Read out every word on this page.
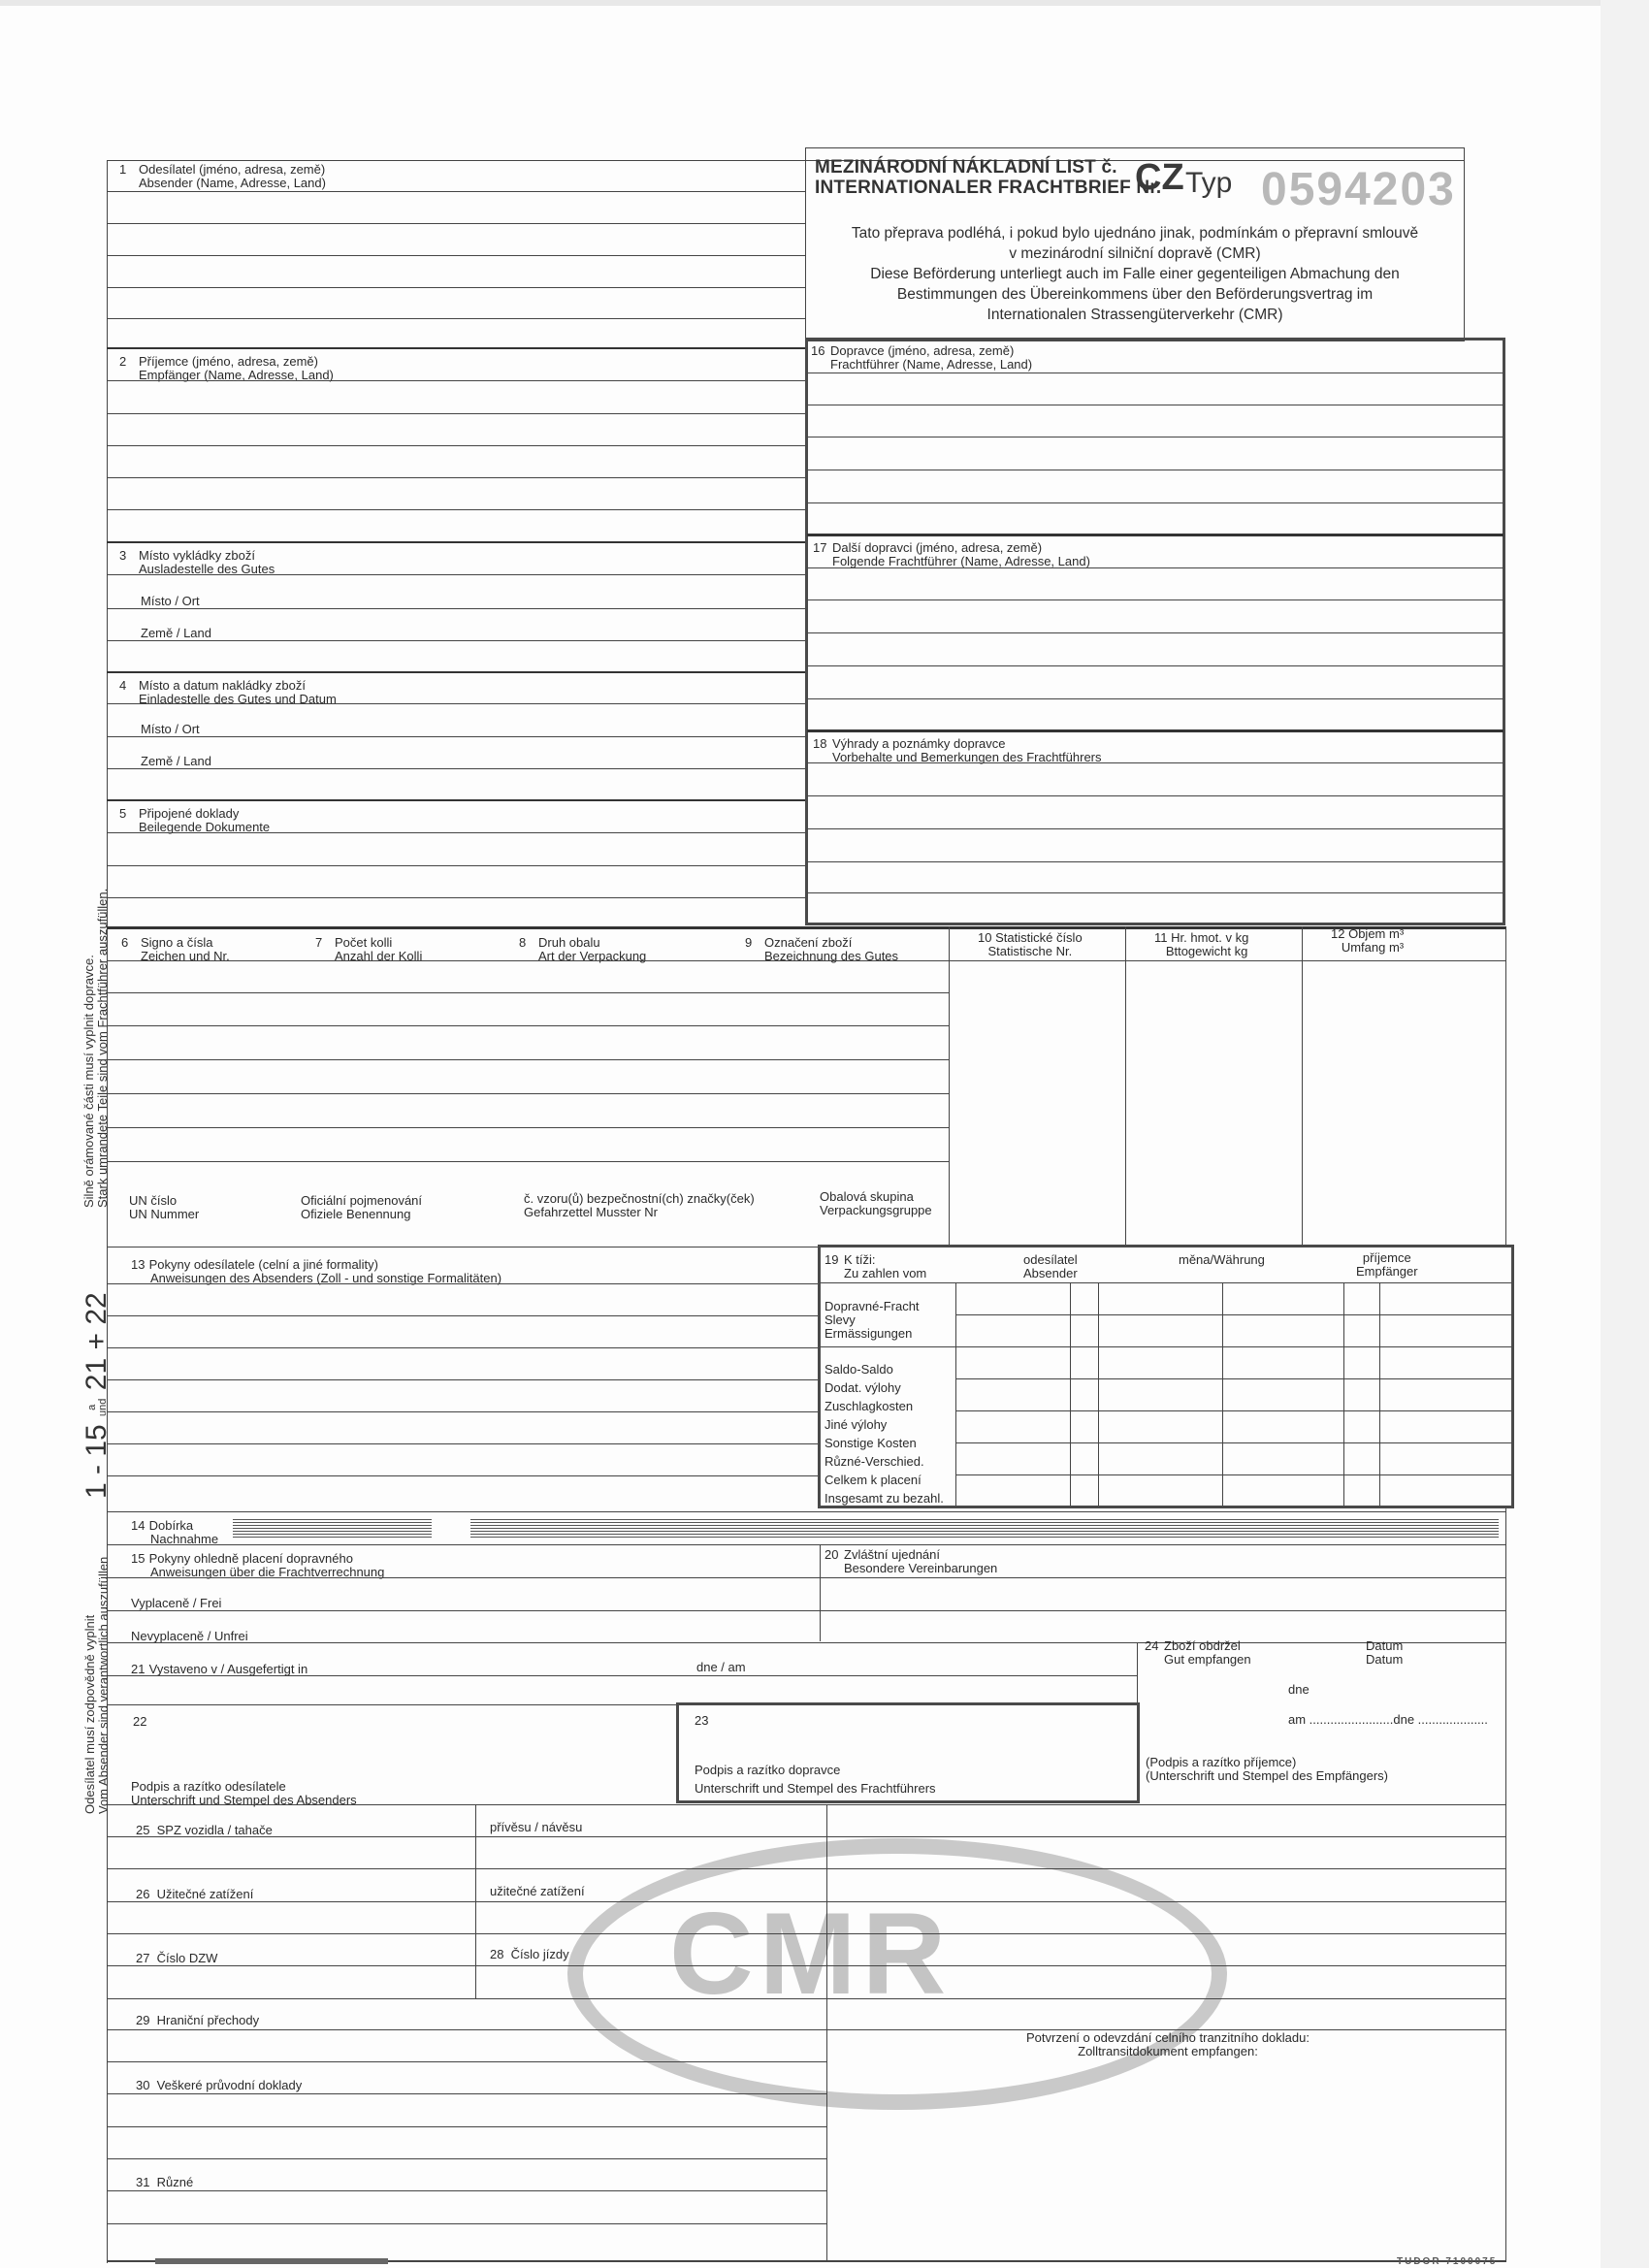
CMR
MEZINÁRODNÍ NÁKLADNÍ LIST č.
INTERNATIONALER FRACHTBRIEF Nr.
CZ Typ 0594203
Tato přeprava podléhá, i pokud bylo ujednáno jinak, podmínkám o přepravní smlouvě
v mezinárodní silniční dopravě (CMR)
Diese Beförderung unterliegt auch im Falle einer gegenteiligen Abmachung den
Bestimmungen des Übereinkommens über den Beförderungsvertrag im
Internationalen Strassengüterverkehr (CMR)
1 Odesílatel (jméno, adresa, země)
Absender (Name, Adresse, Land)
2 Příjemce (jméno, adresa, země)
Empfänger (Name, Adresse, Land)
3 Místo vykládky zboží
Ausladestelle des Gutes
Místo / Ort
Země / Land
4 Místo a datum nakládky zboží
Einladestelle des Gutes und Datum
Místo / Ort
Země / Land
5 Připojené doklady
Beilegende Dokumente
16 Dopravce (jméno, adresa, země)
Frachtführer (Name, Adresse, Land)
17 Další dopravci (jméno, adresa, země)
Folgende Frachtführer (Name, Adresse, Land)
18 Výhrady a poznámky dopravce
Vorbehalte und Bemerkungen des Frachtführers
6 Signo a čísla
Zeichen und Nr.
7 Počet kolli
Anzahl der Kolli
8 Druh obalu
Art der Verpackung
9 Označení zboží
Bezeichnung des Gutes
10 Statistické číslo
Statistische Nr.
11 Hr. hmot. v kg
Bttogewicht kg
12 Objem m³
Umfang m³
UN číslo
UN Nummer
Oficiální pojmenování
Ofiziele Benennung
č. vzoru(ů) bezpečnostní(ch) značky(ček)
Gefahrzettel Musster Nr
Obalová skupina
Verpackungsgruppe
13 Pokyny odesílatele (celní a jiné formality)
Anweisungen des Absenders (Zoll - und sonstige Formalitäten)
19 K tíži:
Zu zahlen vom
odesílatel
Absender
měna/Währung	příjemce
Empfänger
Dopravné-Fracht
Slevy
Ermässigungen
Saldo-Saldo
Dodat. výlohy
Zuschlagkosten
Jiné výlohy
Sonstige Kosten
Různé-Verschied.
Celkem k placení
Insgesamt zu bezahl.
14 Dobírka
Nachnahme
15 Pokyny ohledně placení dopravného
Anweisungen über die Frachtverrechnung
20 Zvláštní ujednání
Besondere Vereinbarungen
Vyplaceně / Frei
Nevyplaceně / Unfrei
21 Vystaveno v / Ausgefertigt in	dne / am
24 Zboží obdržel
Gut empfangen
Datum
Datum
dne
am ........................dne ....................
(Podpis a razítko příjemce)
(Unterschrift und Stempel des Empfängers)
22
Podpis a razítko odesílatele
Unterschrift und Stempel des Absenders
23
Podpis a razítko dopravce
Unterschrift und Stempel des Frachtführers
25 SPZ vozidla / tahače	přívěsu / návěsu
26 Užitečné zatížení	užitečné zatížení
27 Číslo DZW	28 Číslo jízdy
29 Hraniční přechody
Potvrzení o odevzdání celního tranzitního dokladu:
Zolltransitdokument empfangen:
30 Veškeré průvodní doklady
31 Různé
TUDOR 7100075
Silně orámované části musí vyplnit dopravce. Stark umrandete Teile sind vom Frachtführer auszufüllen.
1 - 15 a
und 21 + 22
Odesílatel musí zodpovědně vyplnit Vom Absender sind verantwortlich auszufüllen
